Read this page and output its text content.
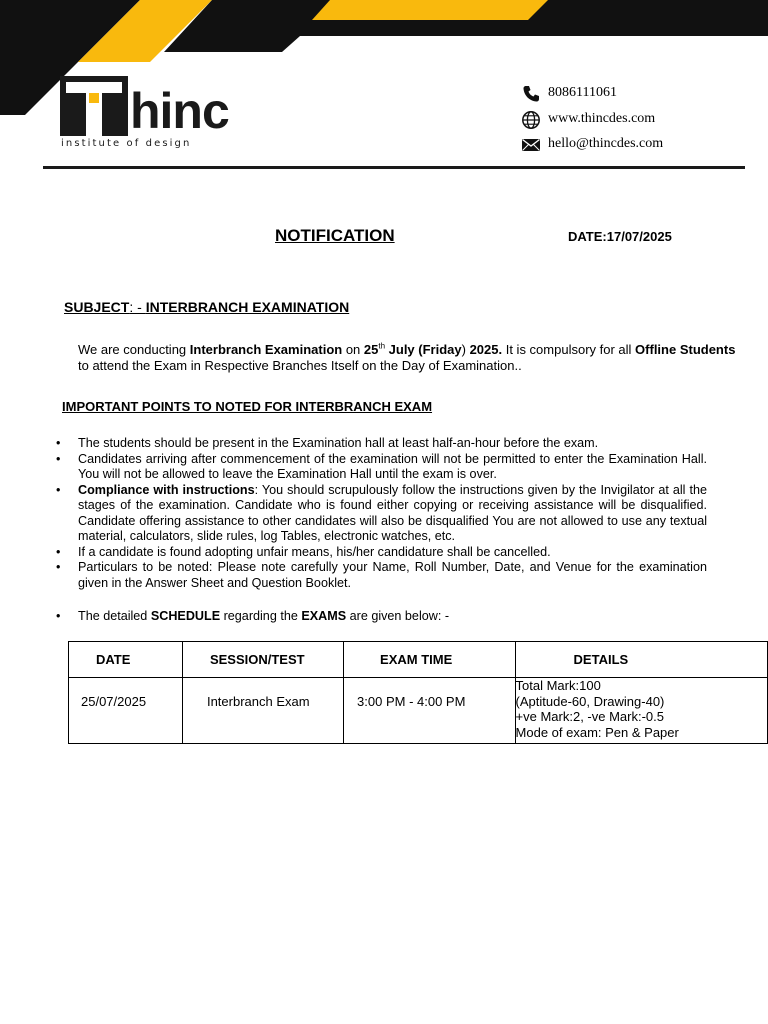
hinc
institute of design
8086111061
www.thincdes.com
hello@thincdes.com
NOTIFICATION	DATE:17/07/2025
SUBJECT: - INTERBRANCH EXAMINATION
We are conducting Interbranch Examination on 25th July (Friday) 2025. It is compulsory for all Offline Students to attend the Exam in Respective Branches Itself on the Day of Examination..
IMPORTANT POINTS TO NOTED FOR INTERBRANCH EXAM
• The students should be present in the Examination hall at least half-an-hour before the exam.
• Candidates arriving after commencement of the examination will not be permitted to enter the Examination Hall. You will not be allowed to leave the Examination Hall until the exam is over.
• Compliance with instructions: You should scrupulously follow the instructions given by the Invigilator at all the stages of the examination. Candidate who is found either copying or receiving assistance will be disqualified. Candidate offering assistance to other candidates will also be disqualified You are not allowed to use any textual material, calculators, slide rules, log Tables, electronic watches, etc.
• If a candidate is found adopting unfair means, his/her candidature shall be cancelled.
• Particulars to be noted: Please note carefully your Name, Roll Number, Date, and Venue for the examination given in the Answer Sheet and Question Booklet.
• The detailed SCHEDULE regarding the EXAMS are given below: -
DATE	SESSION/TEST	EXAM TIME	DETAILS

25/07/2025	Interbranch Exam	3:00 PM - 4:00 PM	Total Mark:100
(Aptitude-60, Drawing-40)
+ve Mark:2, -ve Mark:-0.5
Mode of exam: Pen & Paper
